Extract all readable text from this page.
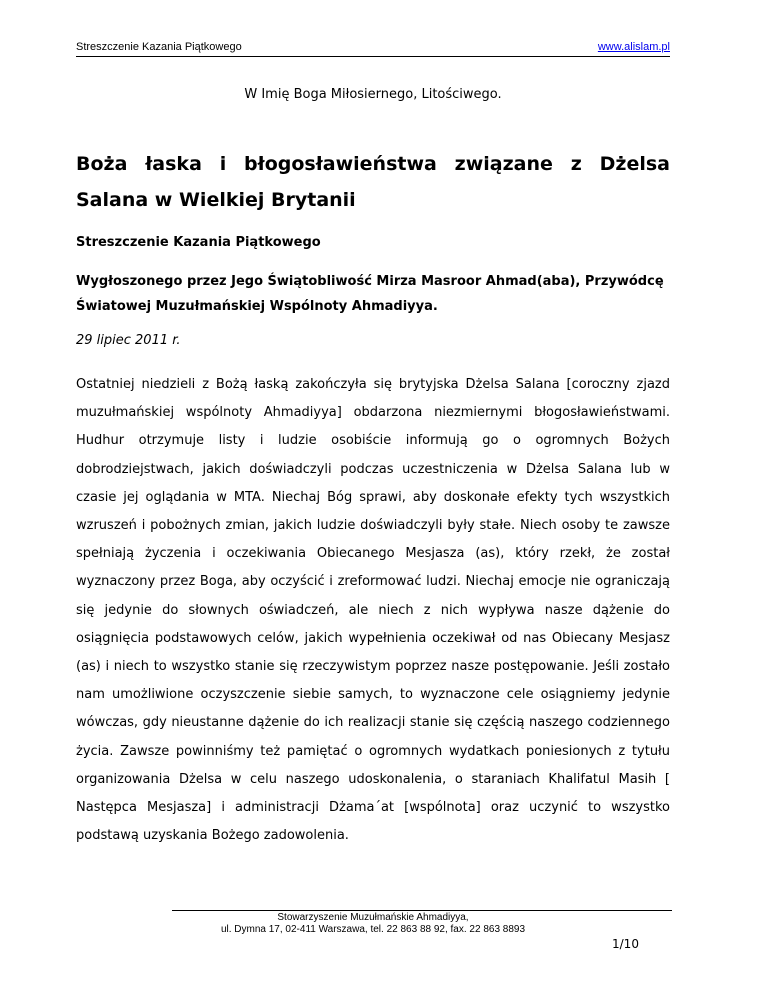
Streszczenie Kazania Piątkowego	www.alislam.pl
W Imię Boga Miłosiernego, Litościwego.
Boża łaska i błogosławieństwa związane z Dżelsa Salana w Wielkiej Brytanii
Streszczenie Kazania Piątkowego
Wygłoszonego przez Jego Świątobliwość Mirza Masroor Ahmad(aba), Przywódcę Światowej Muzułmańskiej Wspólnoty Ahmadiyya.
29 lipiec 2011 r.

Ostatniej niedzieli z Bożą łaską zakończyła się brytyjska Dżelsa Salana [coroczny zjazd muzułmańskiej wspólnoty Ahmadiyya] obdarzona niezmiernymi błogosławieństwami. Hudhur otrzymuje listy i ludzie osobiście informują go o ogromnych Bożych dobrodziejstwach, jakich doświadczyli podczas uczestniczenia w Dżelsa Salana lub w czasie jej oglądania w MTA. Niechaj Bóg sprawi, aby doskonałe efekty tych wszystkich wzruszeń i pobożnych zmian, jakich ludzie doświadczyli były stałe. Niech osoby te zawsze spełniają życzenia i oczekiwania Obiecanego Mesjasza (as), który rzekł, że został wyznaczony przez Boga, aby oczyścić i zreformować ludzi. Niechaj emocje nie ograniczają się jedynie do słownych oświadczeń, ale niech z nich wypływa nasze dążenie do osiągnięcia podstawowych celów, jakich wypełnienia oczekiwał od nas Obiecany Mesjasz (as) i niech to wszystko stanie się rzeczywistym poprzez nasze postępowanie. Jeśli zostało nam umożliwione oczyszczenie siebie samych, to wyznaczone cele osiągniemy jedynie wówczas, gdy nieustanne dążenie do ich realizacji stanie się częścią naszego codziennego życia. Zawsze powinniśmy też pamiętać o ogromnych wydatkach poniesionych z tytułu organizowania Dżelsa w celu naszego udoskonalenia, o staraniach Khalifatul Masih [ Następca Mesjasza] i administracji Dżama´at [wspólnota] oraz uczynić to wszystko podstawą uzyskania Bożego zadowolenia.

Stowarzyszenie Muzułmańskie Ahmadiyya,
ul. Dymna 17, 02-411 Warszawa, tel. 22 863 88 92, fax. 22 863 8893
1/10
